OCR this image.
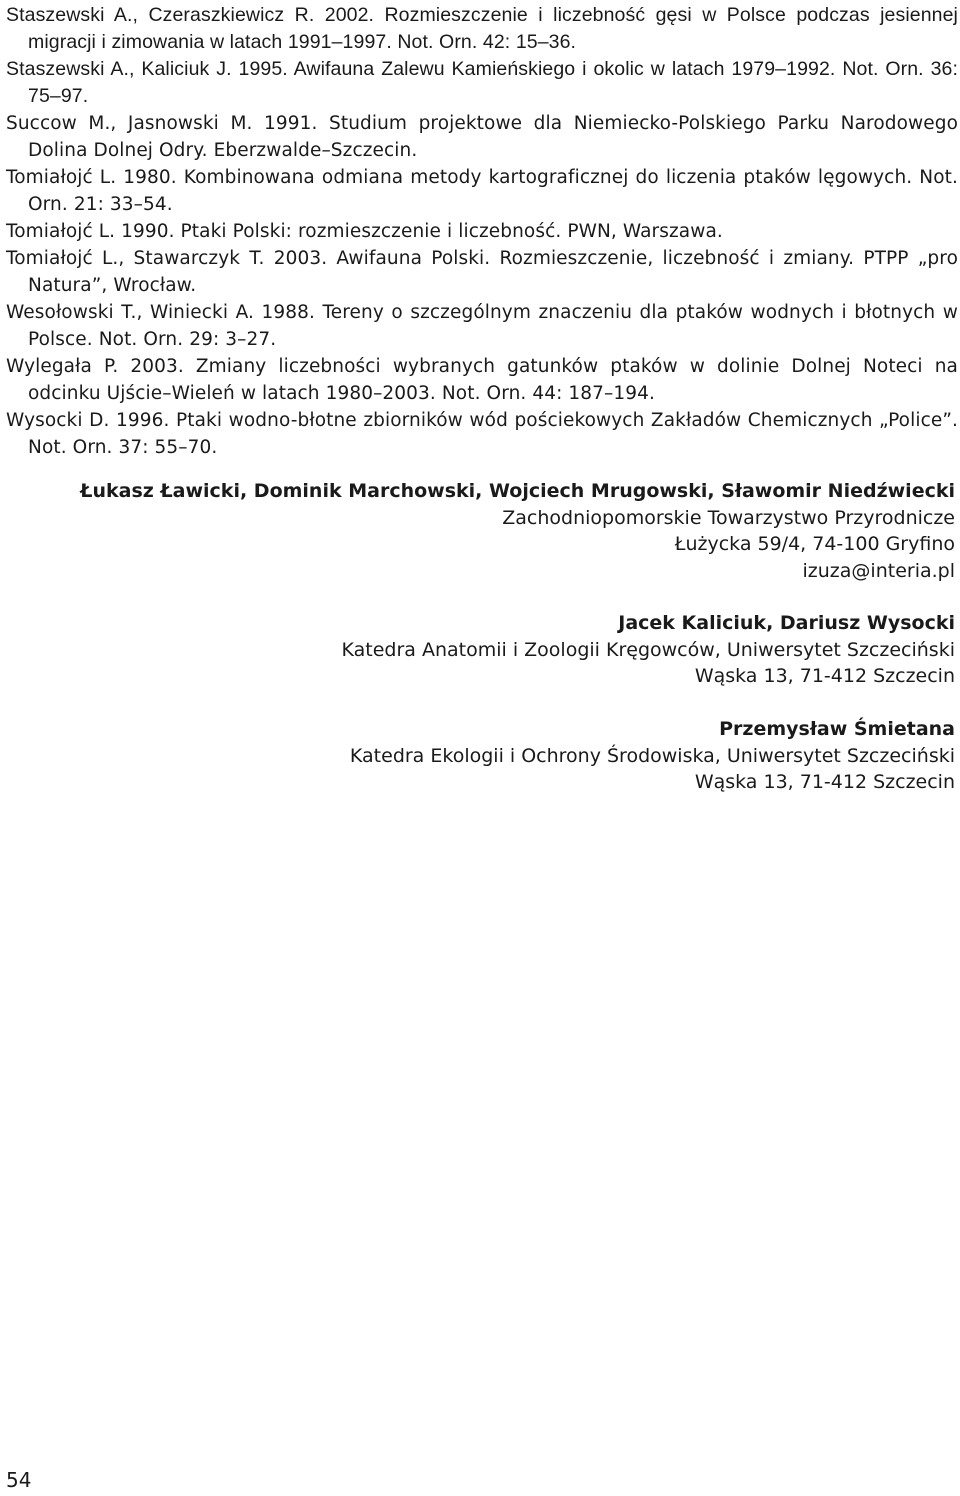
Staszewski A., Czeraszkiewicz R. 2002. Rozmieszczenie i liczebność gęsi w Polsce podczas jesiennej migracji i zimowania w latach 1991–1997. Not. Orn. 42: 15–36.
Staszewski A., Kaliciuk J. 1995. Awifauna Zalewu Kamieńskiego i okolic w latach 1979–1992. Not. Orn. 36: 75–97.
Succow M., Jasnowski M. 1991. Studium projektowe dla Niemiecko-Polskiego Parku Narodowego Dolina Dolnej Odry. Eberzwalde–Szczecin.
Tomiałojć L. 1980. Kombinowana odmiana metody kartograficznej do liczenia ptaków lęgowych. Not. Orn. 21: 33–54.
Tomiałojć L. 1990. Ptaki Polski: rozmieszczenie i liczebność. PWN, Warszawa.
Tomiałojć L., Stawarczyk T. 2003. Awifauna Polski. Rozmieszczenie, liczebność i zmiany. PTPP „pro Natura”, Wrocław.
Wesołowski T., Winiecki A. 1988. Tereny o szczególnym znaczeniu dla ptaków wodnych i błotnych w Polsce. Not. Orn. 29: 3–27.
Wylegała P. 2003. Zmiany liczebności wybranych gatunków ptaków w dolinie Dolnej Noteci na odcinku Ujście–Wieleń w latach 1980–2003. Not. Orn. 44: 187–194.
Wysocki D. 1996. Ptaki wodno-błotne zbiorników wód pościekowych Zakładów Chemicznych „Police”. Not. Orn. 37: 55–70.
Łukasz Ławicki, Dominik Marchowski, Wojciech Mrugowski, Sławomir Niedźwiecki
Zachodniopomorskie Towarzystwo Przyrodnicze
Łużycka 59/4, 74-100 Gryfino
izuza@interia.pl
Jacek Kaliciuk, Dariusz Wysocki
Katedra Anatomii i Zoologii Kręgowców, Uniwersytet Szczeciński
Wąska 13, 71-412 Szczecin
Przemysław Śmietana
Katedra Ekologii i Ochrony Środowiska, Uniwersytet Szczeciński
Wąska 13, 71-412 Szczecin
54
